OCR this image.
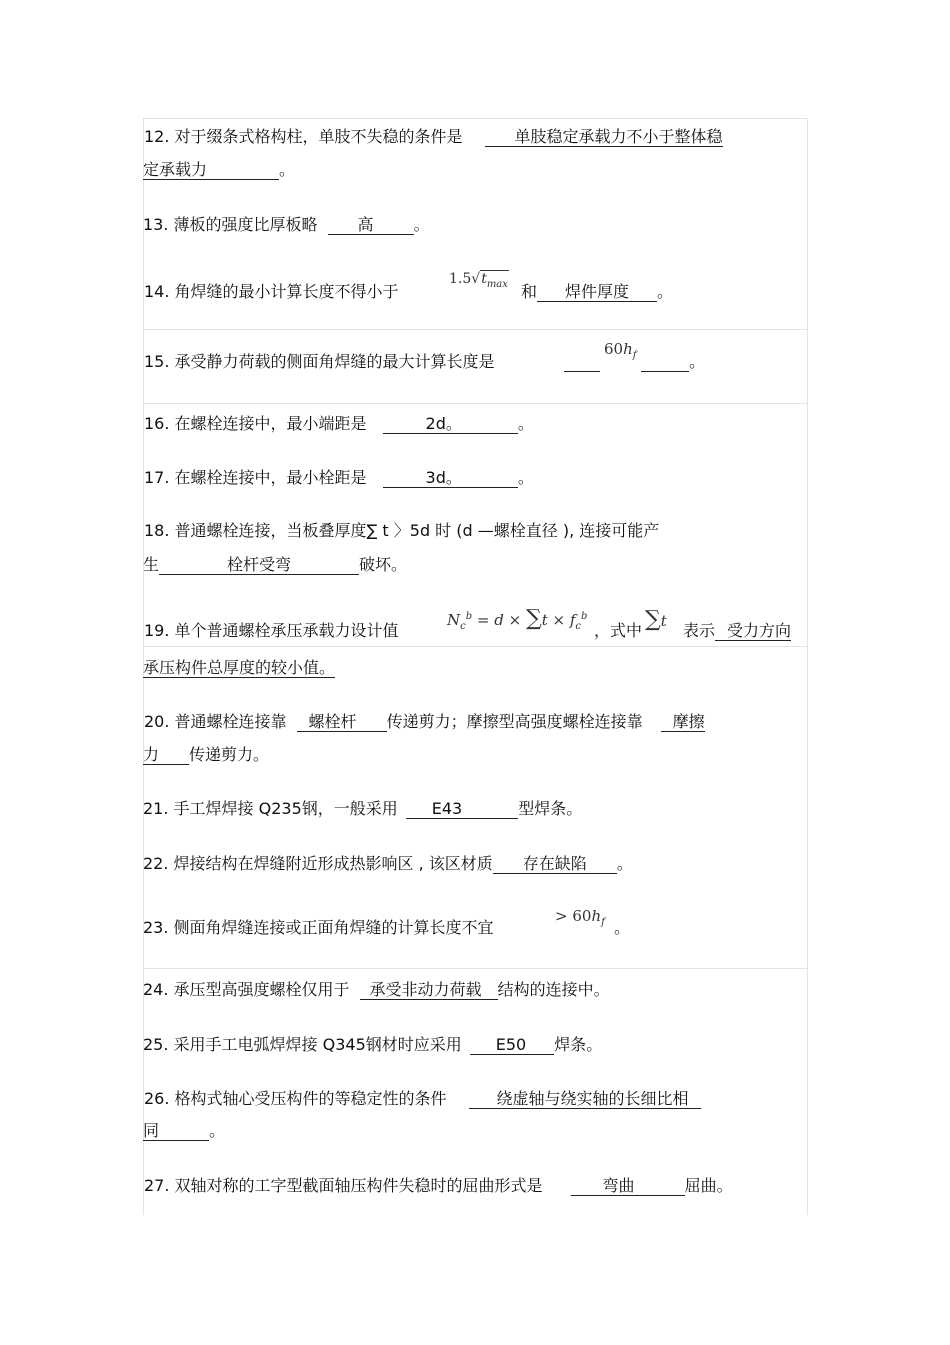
12. 对于缀条式格构柱，单肢不失稳的条件是	单肢稳定承载力不小于整体稳
定承载力	。
13. 薄板的强度比厚板略	高	。
14. 角焊缝的最小计算长度不得小于
$1.5√t_{max}$ 和 焊件厚度 。
15. 承受静力荷载的侧面角焊缝的最大计算长度是
$60h_f$	。
16. 在螺栓连接中，最小端距是	2d。	。
17. 在螺栓连接中，最小栓距是	3d。	。
18. 普通螺栓连接，当板叠厚度∑ t 〉5d 时 (d —螺栓直径 ), 连接可能产
生	栓杆受弯	破坏。
19. 单个普通螺栓承压承载力设计值
$N_c^b = d \times \sum t \times f_c^b$
，式中 ∑t 表示 受力方向
承压构件总厚度的较小值。
20. 普通螺栓连接靠 螺栓杆 传递剪力；摩擦型高强度螺栓连接靠 摩擦
力 传递剪力。
21. 手工焊焊接 Q235钢，一般采用 E43	型焊条。
22. 焊接结构在焊缝附近形成热影响区 , 该区材质 存在缺陷 。
23. 侧面角焊缝连接或正面角焊缝的计算长度不宜
> $60h_f$ 。
24. 承压型高强度螺栓仅用于 承受非动力荷载 结构的连接中。
25. 采用手工电弧焊焊接 Q345钢材时应采用 E50 焊条。
26. 格构式轴心受压构件的等稳定性的条件	绕虚轴与绕实轴的长细比相
同	。
27. 双轴对称的工字型截面轴压构件失稳时的屈曲形式是	弯曲	屈曲。
